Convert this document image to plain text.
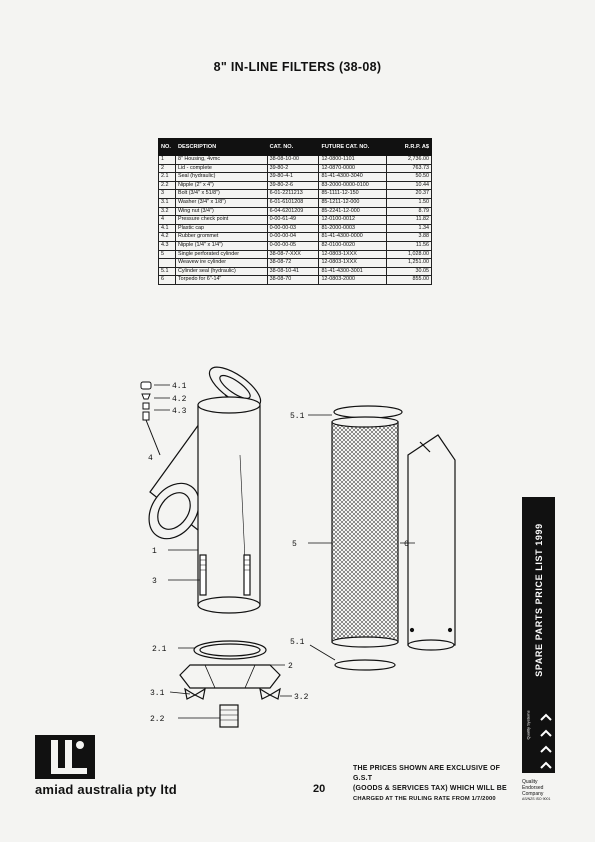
8" IN-LINE FILTERS (38-08)
NO.	DESCRIPTION	CAT. NO.	FUTURE CAT. NO.	R.R.P. A$
1	8" Housing, 4vmc	38-08-10-00	12-0800-1101	2,736.00
2	Lid - complete	39-80-2	12-0870-0000	763.73
2.1	Seal (hydraulic)	39-80-4-1	81-41-4300-3040	50.50
2.2	Nipple (2" x 4")	39-80-2-6	83-2000-0000-0100	10.44
3	Bolt (3/4" x 51/8")	6-01-2211213	85-1111-12-150	20.37
3.1	Washer (3/4" x 1/8")	6-01-6101208	85-1211-12-000	1.50
3.2	Wing nut (3/4")	6-04-6201209	85-2241-12-000	8.79
4	Pressure check point	0-00-61-49	12-0100-0012	11.82
4.1	Plastic cap	0-00-00-03	81-2000-0003	1.34
4.2	Rubber grommet	0-00-00-04	81-41-4300-0000	3.88
4.3	Nipple (1/4" x 1/4")	0-00-00-05	82-0100-0020	11.56
5	Single perforated cylinder	38-08-7-XXX	12-0803-1XXX	1,028.00
	Weavew ire cylinder	38-08-72	12-0803-1XXX	1,251.00
5.1	Cylinder seal (hydraulic)	38-08-10-41	81-41-4300-3001	30.05
6	Torpedo for 6"-14"	38-08-70	12-0803-2000	855.00
4.1
4.2
4.3
4
1
3
2.1
2
3.1	3.2
2.2
5.1
5
5.1
6	SPARE PARTS PRICE LIST 1999
Quality Systems
amiad australia pty ltd	20
THE PRICES SHOWN ARE EXCLUSIVE OF G.S.T
(GOODS & SERVICES TAX) WHICH WILL BE
CHARGED AT THE RULING RATE FROM 1/7/2000
Quality
Endorsed
Company
AS/NZS ISO 9001
